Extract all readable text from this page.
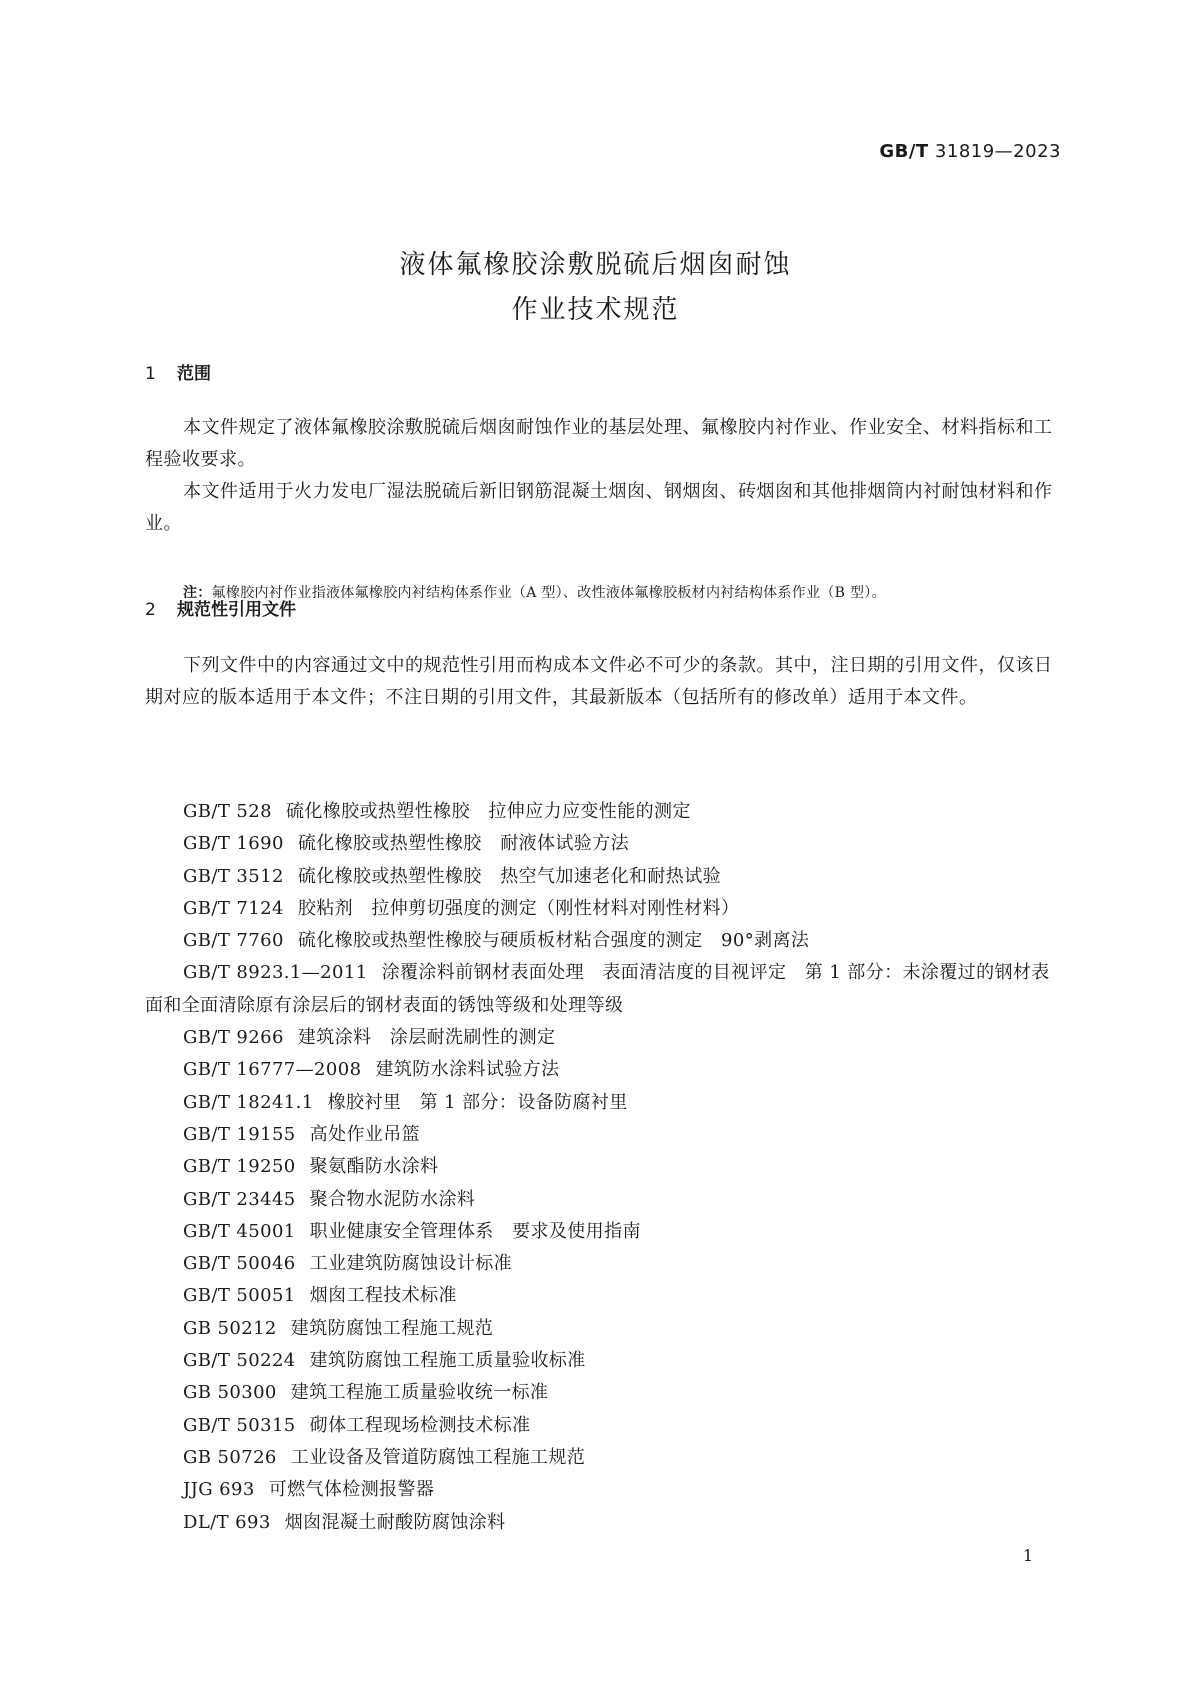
GB/T 31819—2023
液体氟橡胶涂敷脱硫后烟囱耐蚀
作业技术规范
1 范围
本文件规定了液体氟橡胶涂敷脱硫后烟囱耐蚀作业的基层处理、氟橡胶内衬作业、作业安全、材料指标和工程验收要求。
本文件适用于火力发电厂湿法脱硫后新旧钢筋混凝土烟囱、钢烟囱、砖烟囱和其他排烟筒内衬耐蚀材料和作业。
注：氟橡胶内衬作业指液体氟橡胶内衬结构体系作业（A 型）、改性液体氟橡胶板材内衬结构体系作业（B 型）。
2 规范性引用文件
下列文件中的内容通过文中的规范性引用而构成本文件必不可少的条款。其中，注日期的引用文件，仅该日期对应的版本适用于本文件；不注日期的引用文件，其最新版本（包括所有的修改单）适用于本文件。
GB/T 528 硫化橡胶或热塑性橡胶　拉伸应力应变性能的测定
GB/T 1690 硫化橡胶或热塑性橡胶　耐液体试验方法
GB/T 3512 硫化橡胶或热塑性橡胶　热空气加速老化和耐热试验
GB/T 7124 胶粘剂　拉伸剪切强度的测定（刚性材料对刚性材料）
GB/T 7760 硫化橡胶或热塑性橡胶与硬质板材粘合强度的测定　90°剥离法
GB/T 8923.1—2011 涂覆涂料前钢材表面处理　表面清洁度的目视评定　第 1 部分：未涂覆过的钢材表面和全面清除原有涂层后的钢材表面的锈蚀等级和处理等级
GB/T 9266 建筑涂料　涂层耐洗刷性的测定
GB/T 16777—2008 建筑防水涂料试验方法
GB/T 18241.1 橡胶衬里　第 1 部分：设备防腐衬里
GB/T 19155 高处作业吊篮
GB/T 19250 聚氨酯防水涂料
GB/T 23445 聚合物水泥防水涂料
GB/T 45001 职业健康安全管理体系　要求及使用指南
GB/T 50046 工业建筑防腐蚀设计标准
GB/T 50051 烟囱工程技术标准
GB 50212 建筑防腐蚀工程施工规范
GB/T 50224 建筑防腐蚀工程施工质量验收标准
GB 50300 建筑工程施工质量验收统一标准
GB/T 50315 砌体工程现场检测技术标准
GB 50726 工业设备及管道防腐蚀工程施工规范
JJG 693 可燃气体检测报警器
DL/T 693 烟囱混凝土耐酸防腐蚀涂料
1
